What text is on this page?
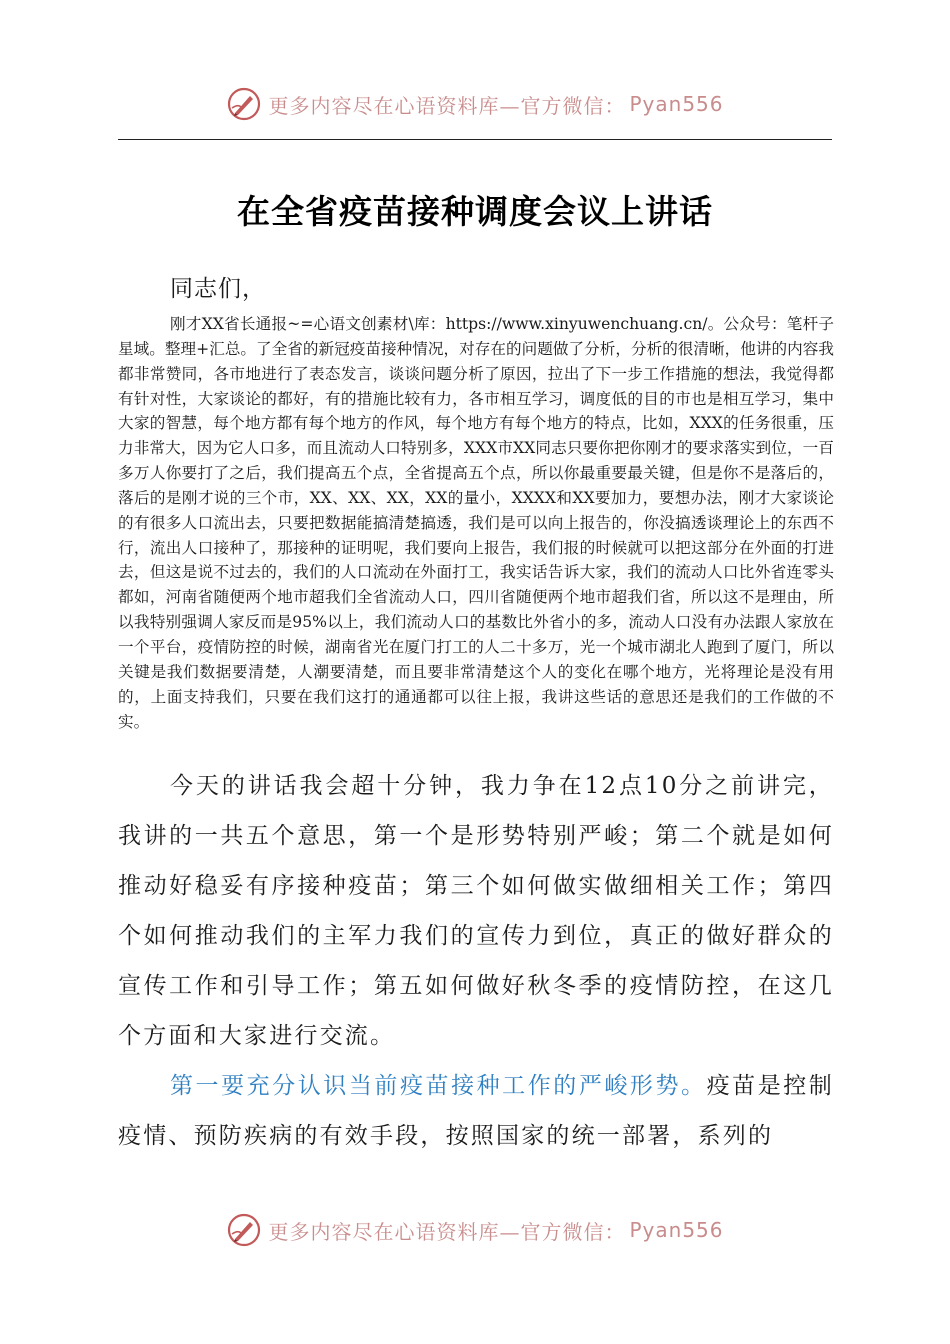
更多内容尽在心语资料库—官方微信： Pyan556
在全省疫苗接种调度会议上讲话
同志们，
刚才XX省长通报~=心语文创素材\库：https://www.xinyuwenchuang.cn/。公众号：笔杆子星域。整理+汇总。了全省的新冠疫苗接种情况，对存在的问题做了分析，分析的很清晰，他讲的内容我都非常赞同，各市地进行了表态发言，谈谈问题分析了原因，拉出了下一步工作措施的想法，我觉得都有针对性，大家谈论的都好，有的措施比较有力，各市相互学习，调度低的目的市也是相互学习，集中大家的智慧，每个地方都有每个地方的作风，每个地方有每个地方的特点，比如，XXX的任务很重，压力非常大，因为它人口多，而且流动人口特别多，XXX市XX同志只要你把你刚才的要求落实到位，一百多万人你要打了之后，我们提高五个点，全省提高五个点，所以你最重要最关键，但是你不是落后的，落后的是刚才说的三个市，XX、XX、XX，XX的量小，XXXX和XX要加力，要想办法，刚才大家谈论的有很多人口流出去，只要把数据能搞清楚搞透，我们是可以向上报告的，你没搞透谈理论上的东西不行，流出人口接种了，那接种的证明呢，我们要向上报告，我们报的时候就可以把这部分在外面的打进去，但这是说不过去的，我们的人口流动在外面打工，我实话告诉大家，我们的流动人口比外省连零头都如，河南省随便两个地市超我们全省流动人口，四川省随便两个地市超我们省，所以这不是理由，所以我特别强调人家反而是95%以上，我们流动人口的基数比外省小的多，流动人口没有办法跟人家放在一个平台，疫情防控的时候，湖南省光在厦门打工的人二十多万，光一个城市湖北人跑到了厦门，所以关键是我们数据要清楚，人潮要清楚，而且要非常清楚这个人的变化在哪个地方，光将理论是没有用的，上面支持我们，只要在我们这打的通通都可以往上报，我讲这些话的意思还是我们的工作做的不实。
今天的讲话我会超十分钟，我力争在12点10分之前讲完，我讲的一共五个意思，第一个是形势特别严峻；第二个就是如何推动好稳妥有序接种疫苗；第三个如何做实做细相关工作；第四个如何推动我们的主军力我们的宣传力到位，真正的做好群众的宣传工作和引导工作；第五如何做好秋冬季的疫情防控，在这几个方面和大家进行交流。
第一要充分认识当前疫苗接种工作的严峻形势。疫苗是控制疫情、预防疾病的有效手段，按照国家的统一部署，系列的
更多内容尽在心语资料库—官方微信： Pyan556
